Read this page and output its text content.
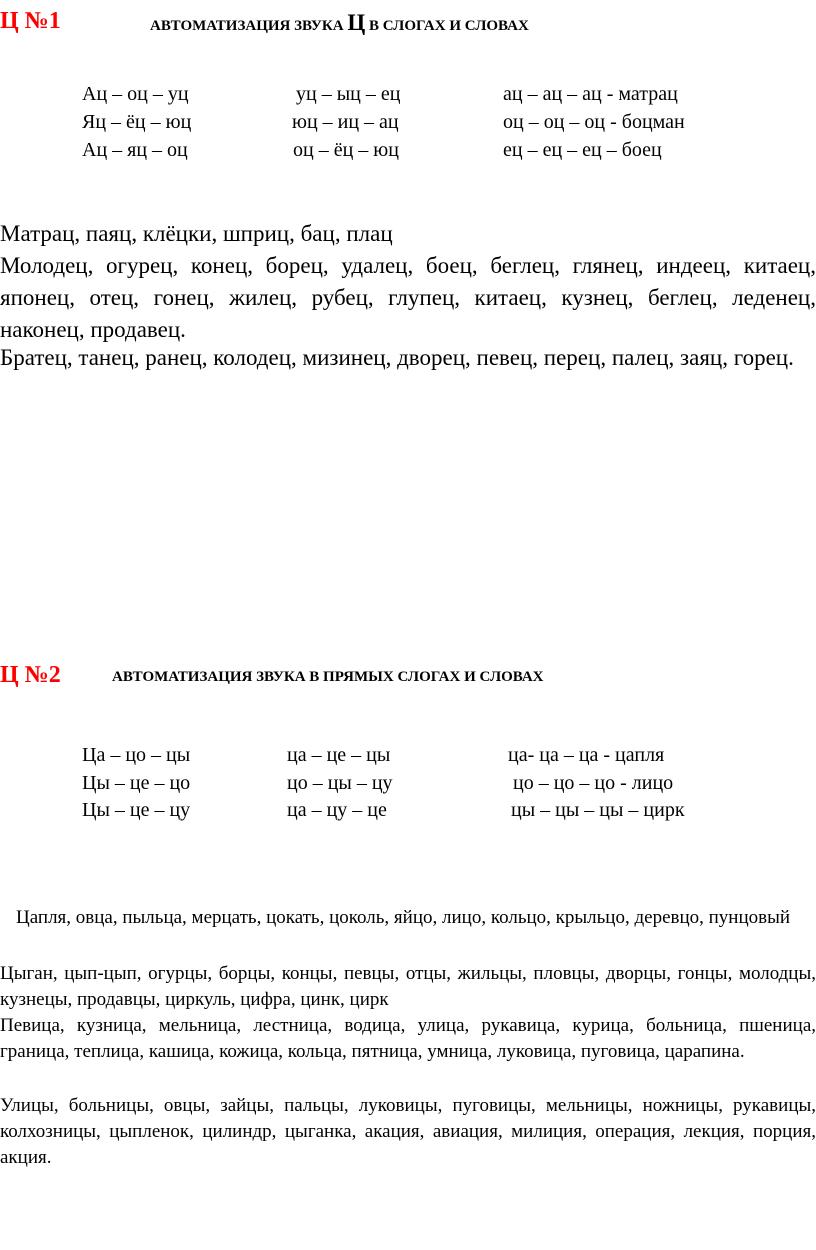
Ц №1	АВТОМАТИЗАЦИЯ ЗВУКА Ц В СЛОГАХ И СЛОВАХ
Ац – оц – уц	уц – ыц – ец	ац – ац – ац - матрац
Яц – ёц – юц	юц – иц – ац	оц – оц – оц - боцман
Ац – яц – оц	оц – ёц – юц	ец – ец – ец – боец
Матрац, паяц, клёцки, шприц, бац, плац
Молодец, огурец, конец, борец, удалец, боец, беглец, глянец, индеец, китаец, японец, отец, гонец, жилец, рубец, глупец, китаец, кузнец, беглец, леденец, наконец, продавец.
Братец, танец, ранец, колодец, мизинец, дворец, певец, перец, палец, заяц, горец.
Ц №2	АВТОМАТИЗАЦИЯ ЗВУКА В ПРЯМЫХ СЛОГАХ И СЛОВАХ
Ца – цо – цы	ца – це – цы	ца- ца – ца - цапля
Цы – це – цо	цо – цы – цу	цо – цо – цо - лицо
Цы – це – цу	ца – цу – це	цы – цы – цы – цирк
Цапля, овца, пыльца, мерцать, цокать, цоколь, яйцо, лицо, кольцо, крыльцо, деревцо, пунцовый
Цыган, цып-цып, огурцы, борцы, концы, певцы, отцы, жильцы, пловцы, дворцы, гонцы, молодцы, кузнецы, продавцы, циркуль, цифра, цинк, цирк
Певица, кузница, мельница, лестница, водица, улица, рукавица, курица, больница, пшеница, граница, теплица, кашица, кожица, кольца, пятница, умница, луковица, пуговица, царапина.
Улицы, больницы, овцы, зайцы, пальцы, луковицы, пуговицы, мельницы, ножницы, рукавицы, колхозницы, цыпленок, цилиндр, цыганка, акация, авиация, милиция, операция, лекция, порция, акция.
